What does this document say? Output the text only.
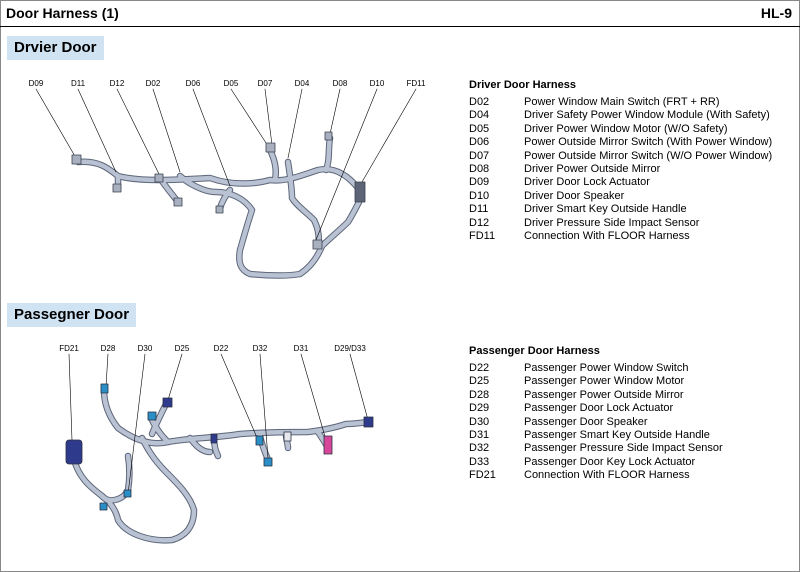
Door Harness (1)	HL-9
Drvier Door
D09	D11	D12	D02	D06	D05 D07	D04	D08	D10	FD11	Driver Door Harness
D02	Power Window Main Switch (FRT + RR)
D04	Driver Safety Power Window Module (With Safety)
D05	Driver Power Window Motor (W/O Safety)
D06	Power Outside Mirror Switch (With Power Window)
D07	Power Outside Mirror Switch (W/O Power Window)
D08	Driver Power Outside Mirror
D09	Driver Door Lock Actuator
D10	Driver Door Speaker
D11	Driver Smart Key Outside Handle
D12	Driver Pressure Side Impact Sensor
FD11	Connection With FLOOR Harness
Passegner Door
FD21	D28	D30	D25	D22	D32	D31	D29/D33	Passenger Door Harness
D22	Passenger Power Window Switch
D25	Passenger Power Window Motor
D28	Passenger Power Outside Mirror
D29	Passenger Door Lock Actuator
D30	Passenger Door Speaker
D31	Passenger Smart Key Outside Handle
D32	Passenger Pressure Side Impact Sensor
D33	Passenger Door Key Lock Actuator
FD21	Connection With FLOOR Harness
